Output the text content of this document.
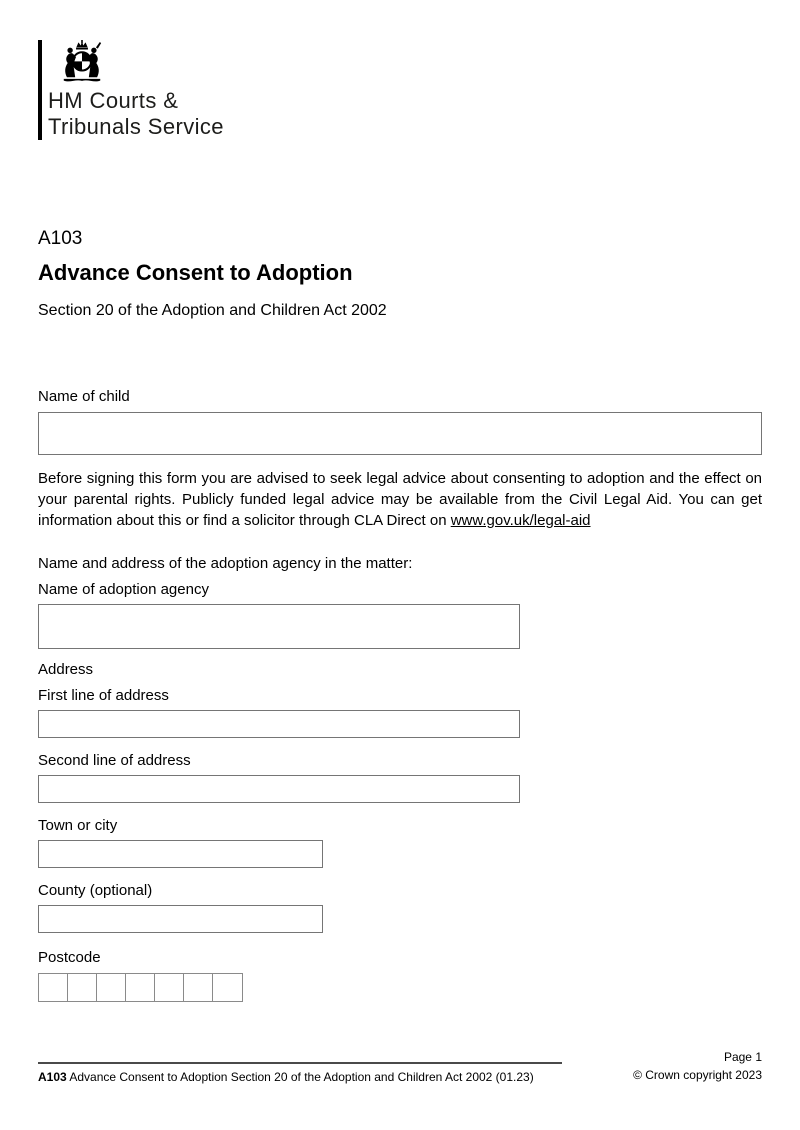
HM Courts &
Tribunals Service
A103
Advance Consent to Adoption
Section 20 of the Adoption and Children Act 2002
Name of child

Before signing this form you are advised to seek legal advice about consenting to adoption and the effect on your parental rights. Publicly funded legal advice may be available from the Civil Legal Aid. You can get information about this or find a solicitor through CLA Direct on www.gov.uk/legal-aid

Name and address of the adoption agency in the matter:
Name of adoption agency
Address
First line of address
Second line of address
Town or city
County (optional)
Postcode
A103 Advance Consent to Adoption Section 20 of the Adoption and Children Act 2002 (01.23)
Page 1
© Crown copyright 2023
